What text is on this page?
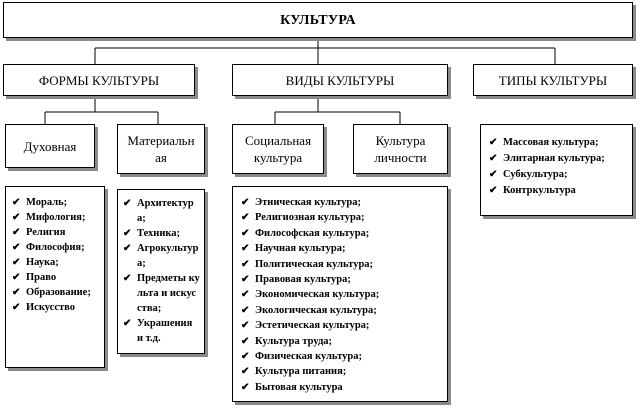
КУЛЬТУРА
ФОРМЫ КУЛЬТУРЫ	ВИДЫ КУЛЬТУРЫ	ТИПЫ КУЛЬТУРЫ
Духовная	Материальная
Социальная культура
Культура личности
✔ Мораль;
✔ Мифология;
✔ Религия
✔ Философия;
✔ Наука;
✔ Право
✔ Образование;
✔ Искусство
✔ Архитектура;
✔ Техника;
✔ Агрокультура;
✔ Предметы культа и искусства;
✔ Украшения и т.д.
✔ Этническая культура;
✔ Религиозная культура;
✔ Философская культура;
✔ Научная культура;
✔ Политическая культура;
✔ Правовая культура;
✔ Экономическая культура;
✔ Экологическая культура;
✔ Эстетическая культура;
✔ Культура труда;
✔ Физическая культура;
✔ Культура питания;
✔ Бытовая культура
✔ Массовая культура;
✔ Элитарная культура;
✔ Субкультура;
✔ Контркультура
